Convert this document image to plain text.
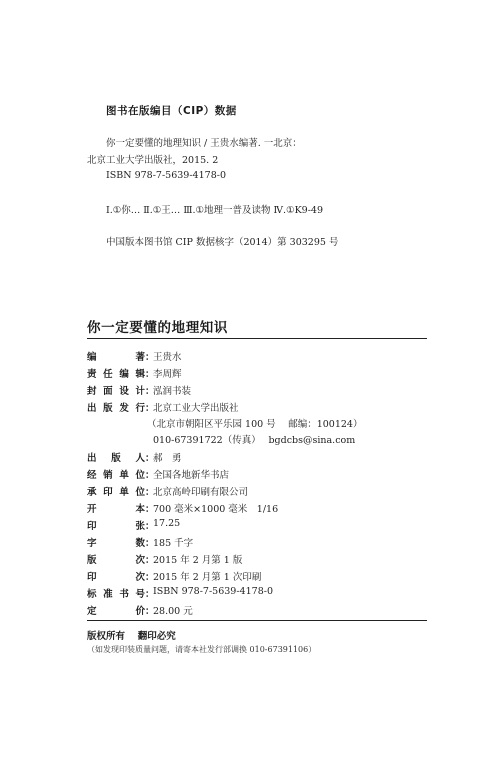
图书在版编目（CIP）数据
你一定要懂的地理知识 / 王贵水编著. 一北京：
北京工业大学出版社，2015. 2
ISBN 978-7-5639-4178-0
Ⅰ.①你… Ⅱ.①王… Ⅲ.①地理一普及读物 Ⅳ.①K9-49
中国版本图书馆 CIP 数据核字（2014）第 303295 号
你一定要懂的地理知识
编　　著 ：
王贵水
责任编辑 ：
李周辉
封面设计 ：
泓润书装
出版发行 ：
北京工业大学出版社
（北京市朝阳区平乐园 100 号　 邮编：100124）
010-67391722（传真）　 bgdcbs@sina.com
出 版 人 ：
郝　勇
经销单位 ：
全国各地新华书店
承印单位 ：
北京高岭印刷有限公司
开　　本 ：
700 毫米×1000 毫米　1/16
印　　张 ：
17.25
字　　数 ：
185 千字
版　　次 ：
2015 年 2 月第 1 版
印　　次 ：
2015 年 2 月第 1 次印刷
标准书号 ：
ISBN 978-7-5639-4178-0
定　　价 ：
28.00 元
版权所有　 翻印必究
（如发现印装质量问题，请寄本社发行部调换 010-67391106）
